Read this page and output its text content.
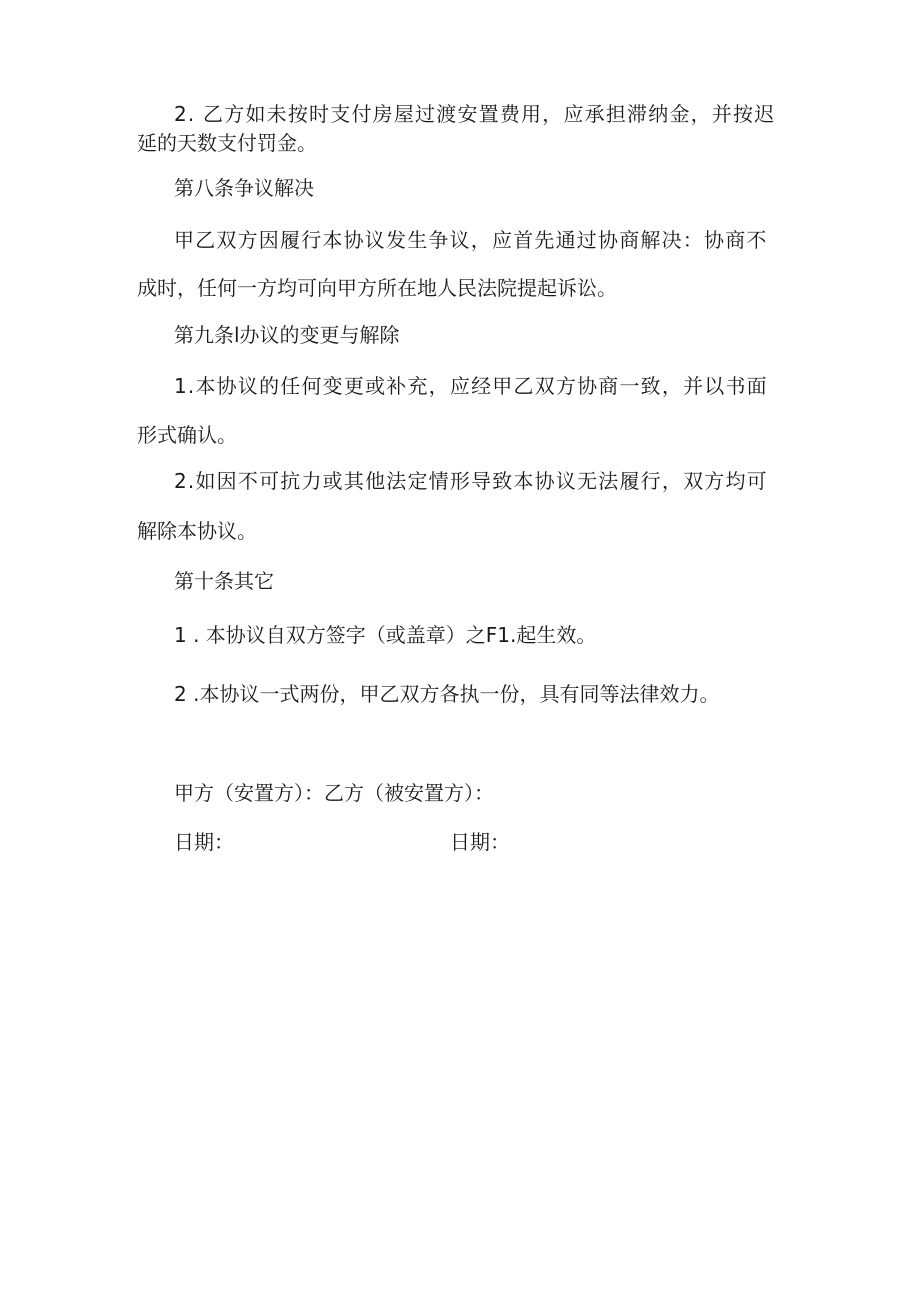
2. 乙方如未按时支付房屋过渡安置费用，应承担滞纳金，并按迟

延的天数支付罚金。

第八条争议解决

甲乙双方因履行本协议发生争议，应首先通过协商解决：协商不

成时，任何一方均可向甲方所在地人民法院提起诉讼。

第九条l办议的变更与解除

1.本协议的任何变更或补充，应经甲乙双方协商一致，并以书面

形式确认。

2.如因不可抗力或其他法定情形导致本协议无法履行，双方均可

解除本协议。

第十条其它

1 . 本协议自双方签字（或盖章）之F1.起生效。

2 .本协议一式两份，甲乙双方各执一份，具有同等法律效力。

甲方（安置方）：乙方（被安置方）：
日期：	日期：
